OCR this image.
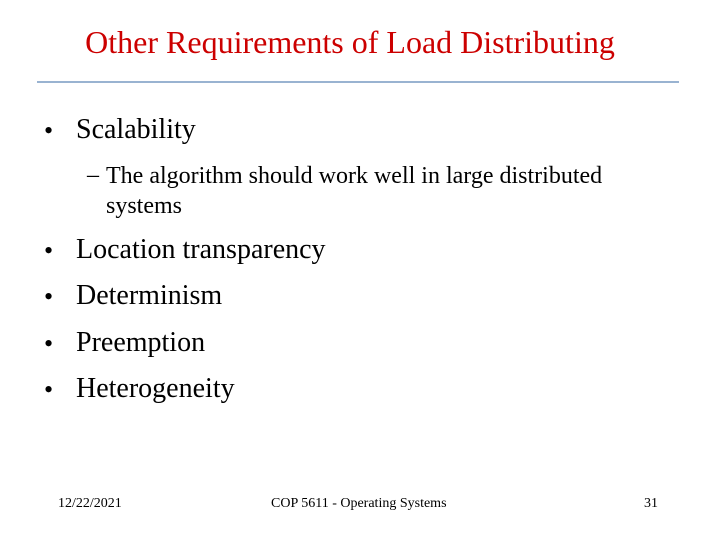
Other Requirements of Load Distributing
• Scalability
– The algorithm should work well in large distributed systems
• Location transparency
• Determinism
• Preemption
• Heterogeneity
12/22/2021	COP 5611 - Operating Systems	31
